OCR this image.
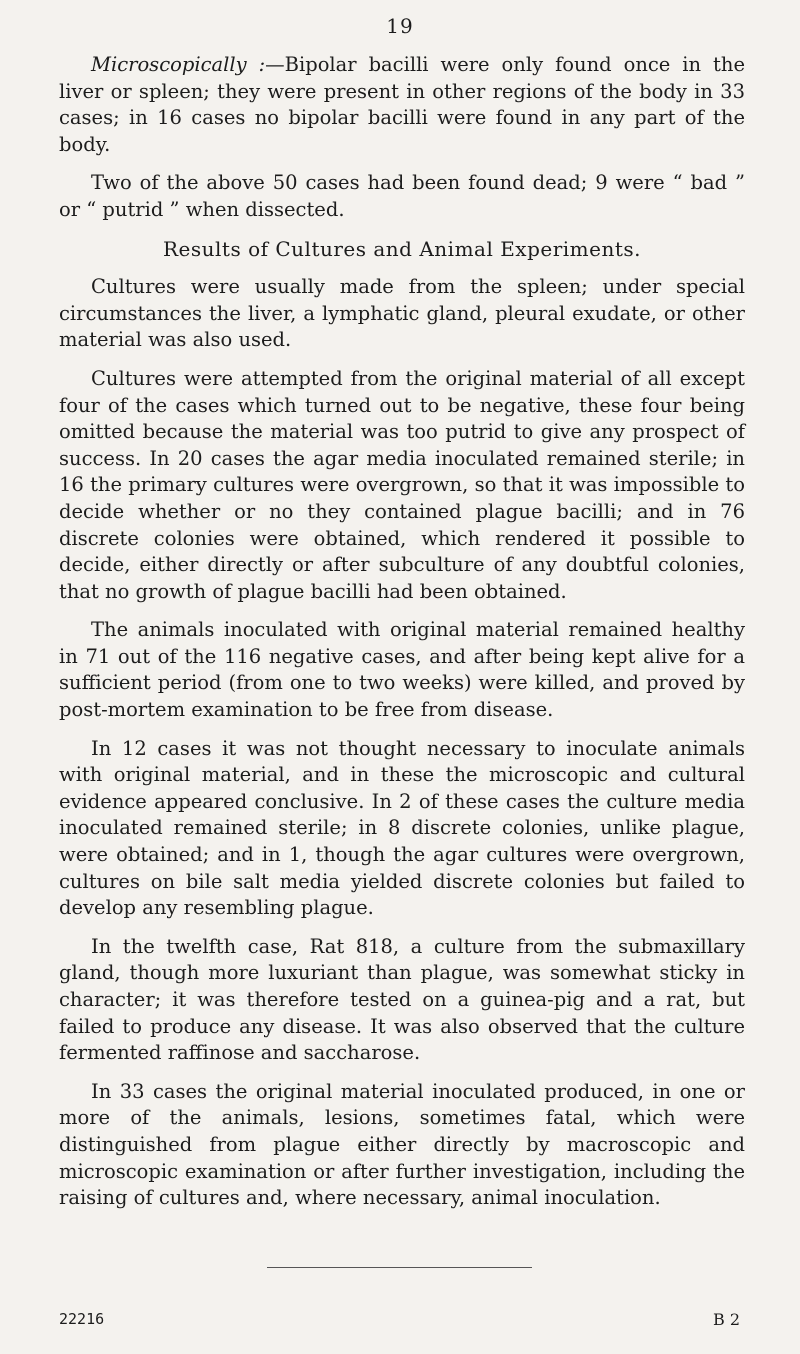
19

Microscopically :—Bipolar bacilli were only found once in the liver or spleen; they were present in other regions of the body in 33 cases; in 16 cases no bipolar bacilli were found in any part of the body.

Two of the above 50 cases had been found dead; 9 were “ bad ” or “ putrid ” when dissected.

Results of Cultures and Animal Experiments.

Cultures were usually made from the spleen; under special circumstances the liver, a lymphatic gland, pleural exudate, or other material was also used.

Cultures were attempted from the original material of all except four of the cases which turned out to be negative, these four being omitted because the material was too putrid to give any prospect of success. In 20 cases the agar media inoculated remained sterile; in 16 the primary cultures were overgrown, so that it was impossible to decide whether or no they contained plague bacilli; and in 76 discrete colonies were obtained, which rendered it possible to decide, either directly or after subculture of any doubtful colonies, that no growth of plague bacilli had been obtained.

The animals inoculated with original material remained healthy in 71 out of the 116 negative cases, and after being kept alive for a sufficient period (from one to two weeks) were killed, and proved by post-mortem examination to be free from disease.

In 12 cases it was not thought necessary to inoculate animals with original material, and in these the microscopic and cultural evidence appeared conclusive. In 2 of these cases the culture media inoculated remained sterile; in 8 discrete colonies, unlike plague, were obtained; and in 1, though the agar cultures were overgrown, cultures on bile salt media yielded discrete colonies but failed to develop any resembling plague.

In the twelfth case, Rat 818, a culture from the submaxillary gland, though more luxuriant than plague, was somewhat sticky in character; it was therefore tested on a guinea-pig and a rat, but failed to produce any disease. It was also observed that the culture fermented raffinose and saccharose.

In 33 cases the original material inoculated produced, in one or more of the animals, lesions, sometimes fatal, which were distinguished from plague either directly by macroscopic and microscopic examination or after further investigation, including the raising of cultures and, where necessary, animal inoculation.

22216	B 2
